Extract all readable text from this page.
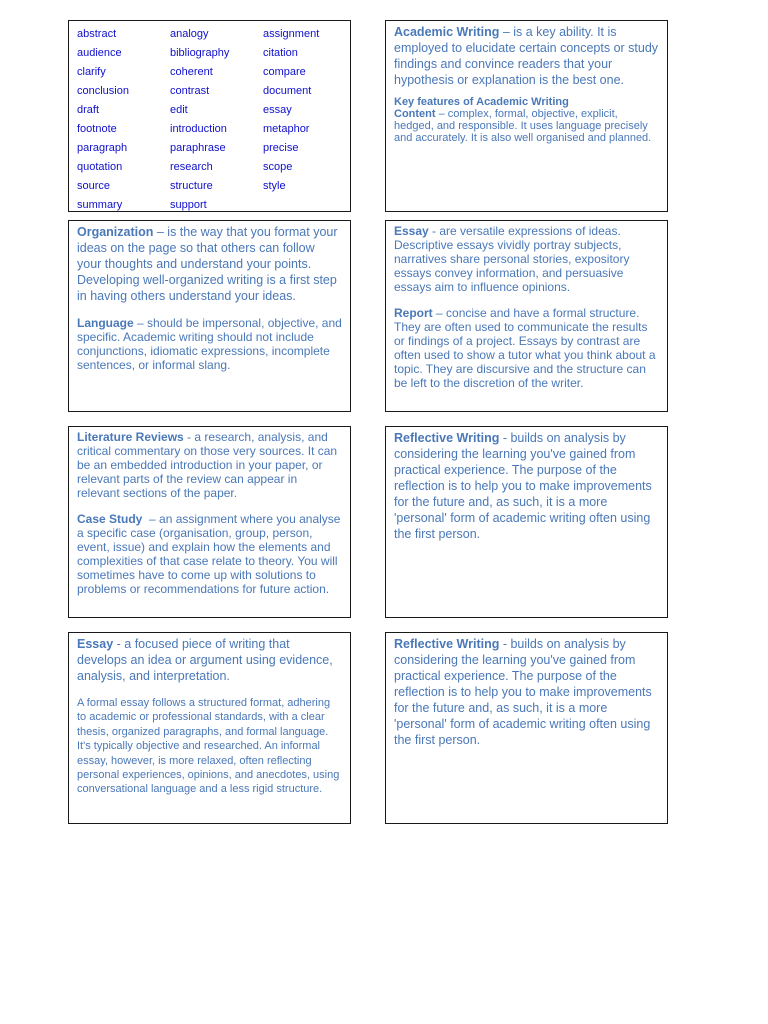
abstract	analogy	assignment
audience	bibliography	citation
clarify	coherent	compare
conclusion	contrast	document
draft	edit	essay
footnote	introduction	metaphor
paragraph	paraphrase	precise
quotation	research	scope
source	structure	style
summary	support

Academic Writing – is a key ability. It is employed to elucidate certain concepts or study findings and convince readers that your hypothesis or explanation is the best one.

Key features of Academic Writing

Content – complex, formal, objective, explicit, hedged, and responsible. It uses language precisely and accurately. It is also well organised and planned.

Organization – is the way that you format your ideas on the page so that others can follow your thoughts and understand your points. Developing well-organized writing is a first step in having others understand your ideas.

Language – should be impersonal, objective, and specific. Academic writing should not include conjunctions, idiomatic expressions, incomplete sentences, or informal slang.

Essay - are versatile expressions of ideas. Descriptive essays vividly portray subjects, narratives share personal stories, expository essays convey information, and persuasive essays aim to influence opinions.

Report – concise and have a formal structure. They are often used to communicate the results or findings of a project. Essays by contrast are often used to show a tutor what you think about a topic. They are discursive and the structure can be left to the discretion of the writer.

Literature Reviews - a research, analysis, and critical commentary on those very sources. It can be an embedded introduction in your paper, or relevant parts of the review can appear in relevant sections of the paper.

Case Study  – an assignment where you analyse a specific case (organisation, group, person, event, issue) and explain how the elements and complexities of that case relate to theory. You will sometimes have to come up with solutions to problems or recommendations for future action.

Reflective Writing - builds on analysis by considering the learning you've gained from practical experience. The purpose of the reflection is to help you to make improvements for the future and, as such, it is a more 'personal' form of academic writing often using the first person.

Essay - a focused piece of writing that develops an idea or argument using evidence, analysis, and interpretation.

A formal essay follows a structured format, adhering to academic or professional standards, with a clear thesis, organized paragraphs, and formal language. It's typically objective and researched. An informal essay, however, is more relaxed, often reflecting personal experiences, opinions, and anecdotes, using conversational language and a less rigid structure.

Reflective Writing - builds on analysis by considering the learning you've gained from practical experience. The purpose of the reflection is to help you to make improvements for the future and, as such, it is a more 'personal' form of academic writing often using the first person.
